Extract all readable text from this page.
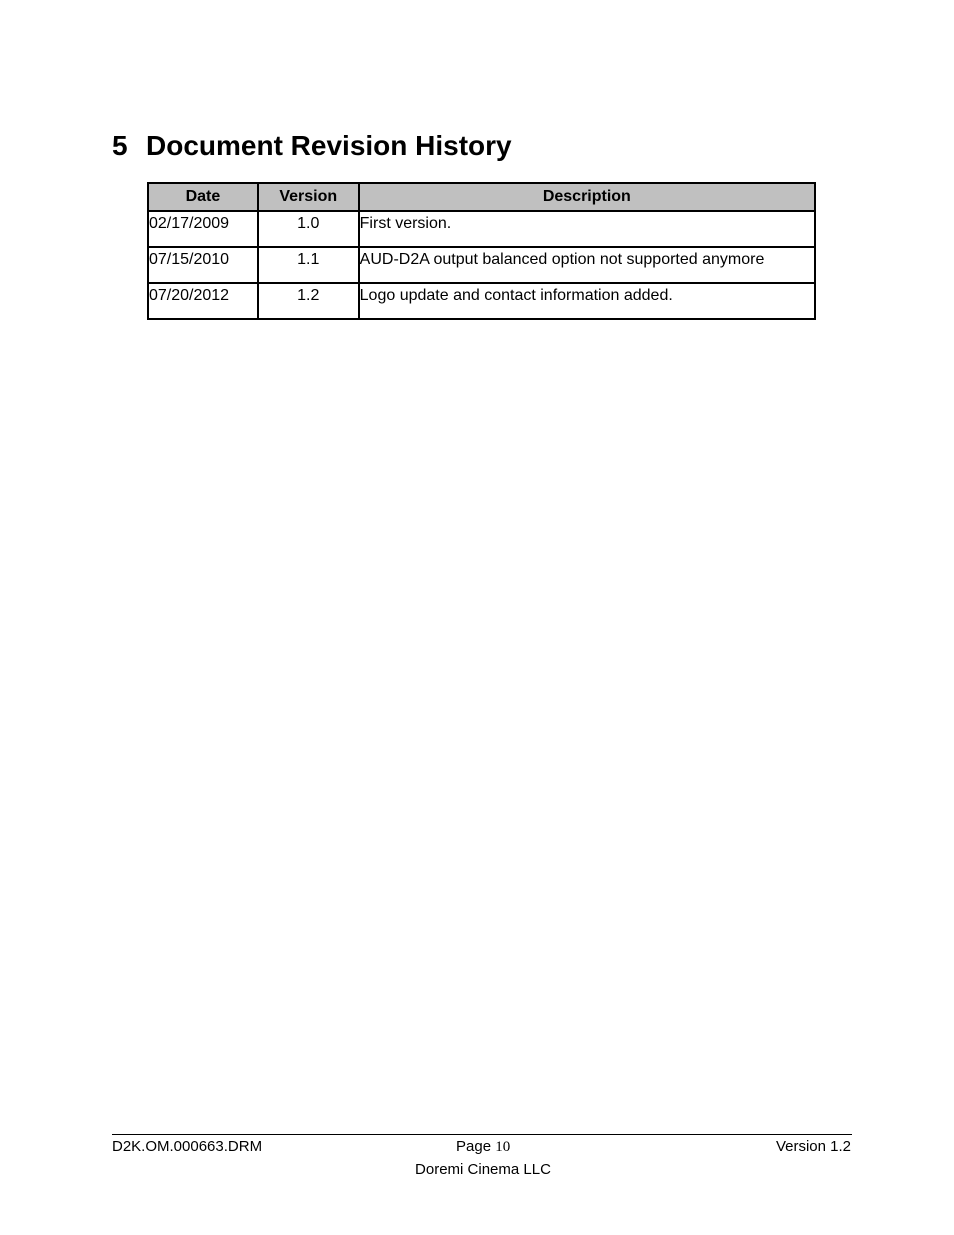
5 Document Revision History
Date	Version	Description
02/17/2009	1.0	First version.
07/15/2010	1.1	AUD-D2A output balanced option not supported anymore
07/20/2012	1.2	Logo update and contact information added.
D2K.OM.000663.DRM	Page 10	Version 1.2
Doremi Cinema LLC
